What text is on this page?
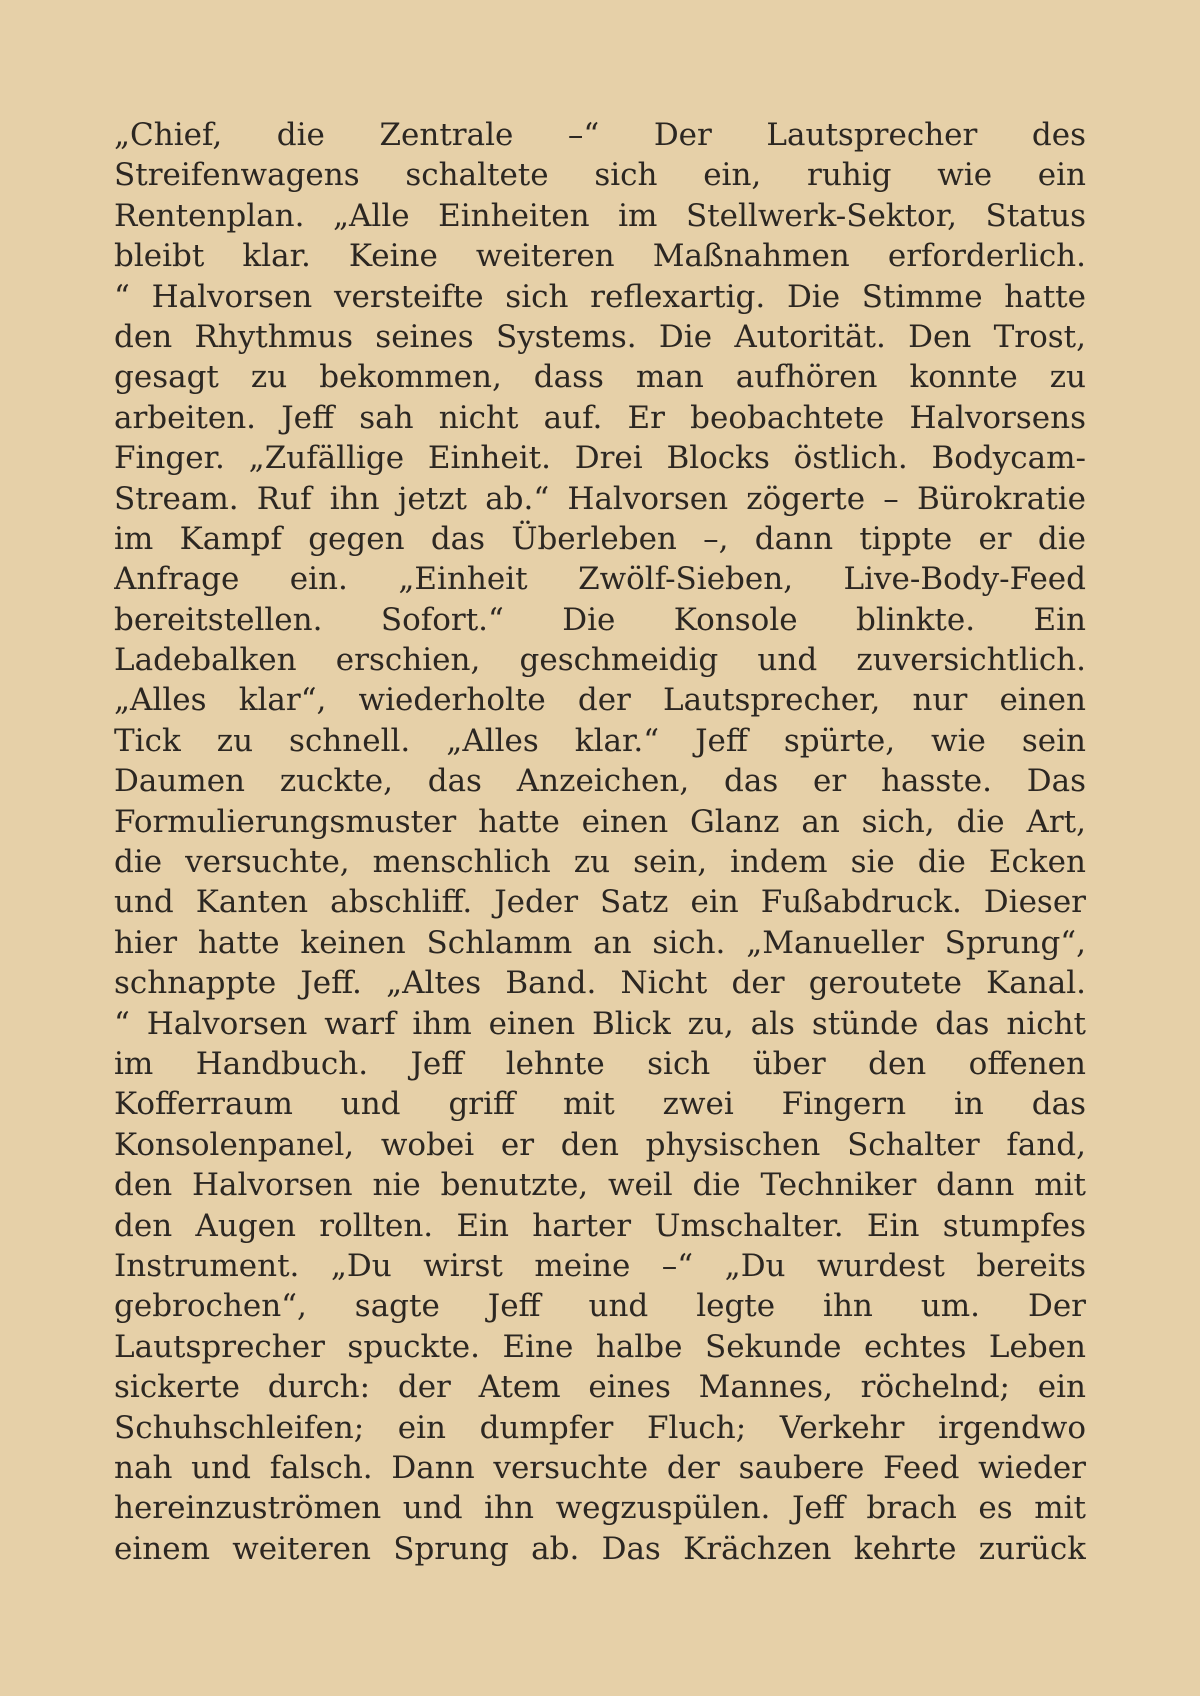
„Chief, die Zentrale –“ Der Lautsprecher des
Streifenwagens schaltete sich ein, ruhig wie ein
Rentenplan. „Alle Einheiten im Stellwerk-Sektor, Status
bleibt klar. Keine weiteren Maßnahmen erforderlich.
“ Halvorsen versteifte sich reflexartig. Die Stimme hatte
den Rhythmus seines Systems. Die Autorität. Den Trost,
gesagt zu bekommen, dass man aufhören konnte zu
arbeiten. Jeff sah nicht auf. Er beobachtete Halvorsens
Finger. „Zufällige Einheit. Drei Blocks östlich. Bodycam-
Stream. Ruf ihn jetzt ab.“ Halvorsen zögerte – Bürokratie
im Kampf gegen das Überleben –, dann tippte er die
Anfrage ein. „Einheit Zwölf-Sieben, Live-Body-Feed
bereitstellen. Sofort.“ Die Konsole blinkte. Ein
Ladebalken erschien, geschmeidig und zuversichtlich.
„Alles klar“, wiederholte der Lautsprecher, nur einen
Tick zu schnell. „Alles klar.“ Jeff spürte, wie sein
Daumen zuckte, das Anzeichen, das er hasste. Das
Formulierungsmuster hatte einen Glanz an sich, die Art,
die versuchte, menschlich zu sein, indem sie die Ecken
und Kanten abschliff. Jeder Satz ein Fußabdruck. Dieser
hier hatte keinen Schlamm an sich. „Manueller Sprung“,
schnappte Jeff. „Altes Band. Nicht der geroutete Kanal.
“ Halvorsen warf ihm einen Blick zu, als stünde das nicht
im Handbuch. Jeff lehnte sich über den offenen
Kofferraum und griff mit zwei Fingern in das
Konsolenpanel, wobei er den physischen Schalter fand,
den Halvorsen nie benutzte, weil die Techniker dann mit
den Augen rollten. Ein harter Umschalter. Ein stumpfes
Instrument. „Du wirst meine –“ „Du wurdest bereits
gebrochen“, sagte Jeff und legte ihn um. Der
Lautsprecher spuckte. Eine halbe Sekunde echtes Leben
sickerte durch: der Atem eines Mannes, röchelnd; ein
Schuhschleifen; ein dumpfer Fluch; Verkehr irgendwo
nah und falsch. Dann versuchte der saubere Feed wieder
hereinzuströmen und ihn wegzuspülen. Jeff brach es mit
einem weiteren Sprung ab. Das Krächzen kehrte zurück
